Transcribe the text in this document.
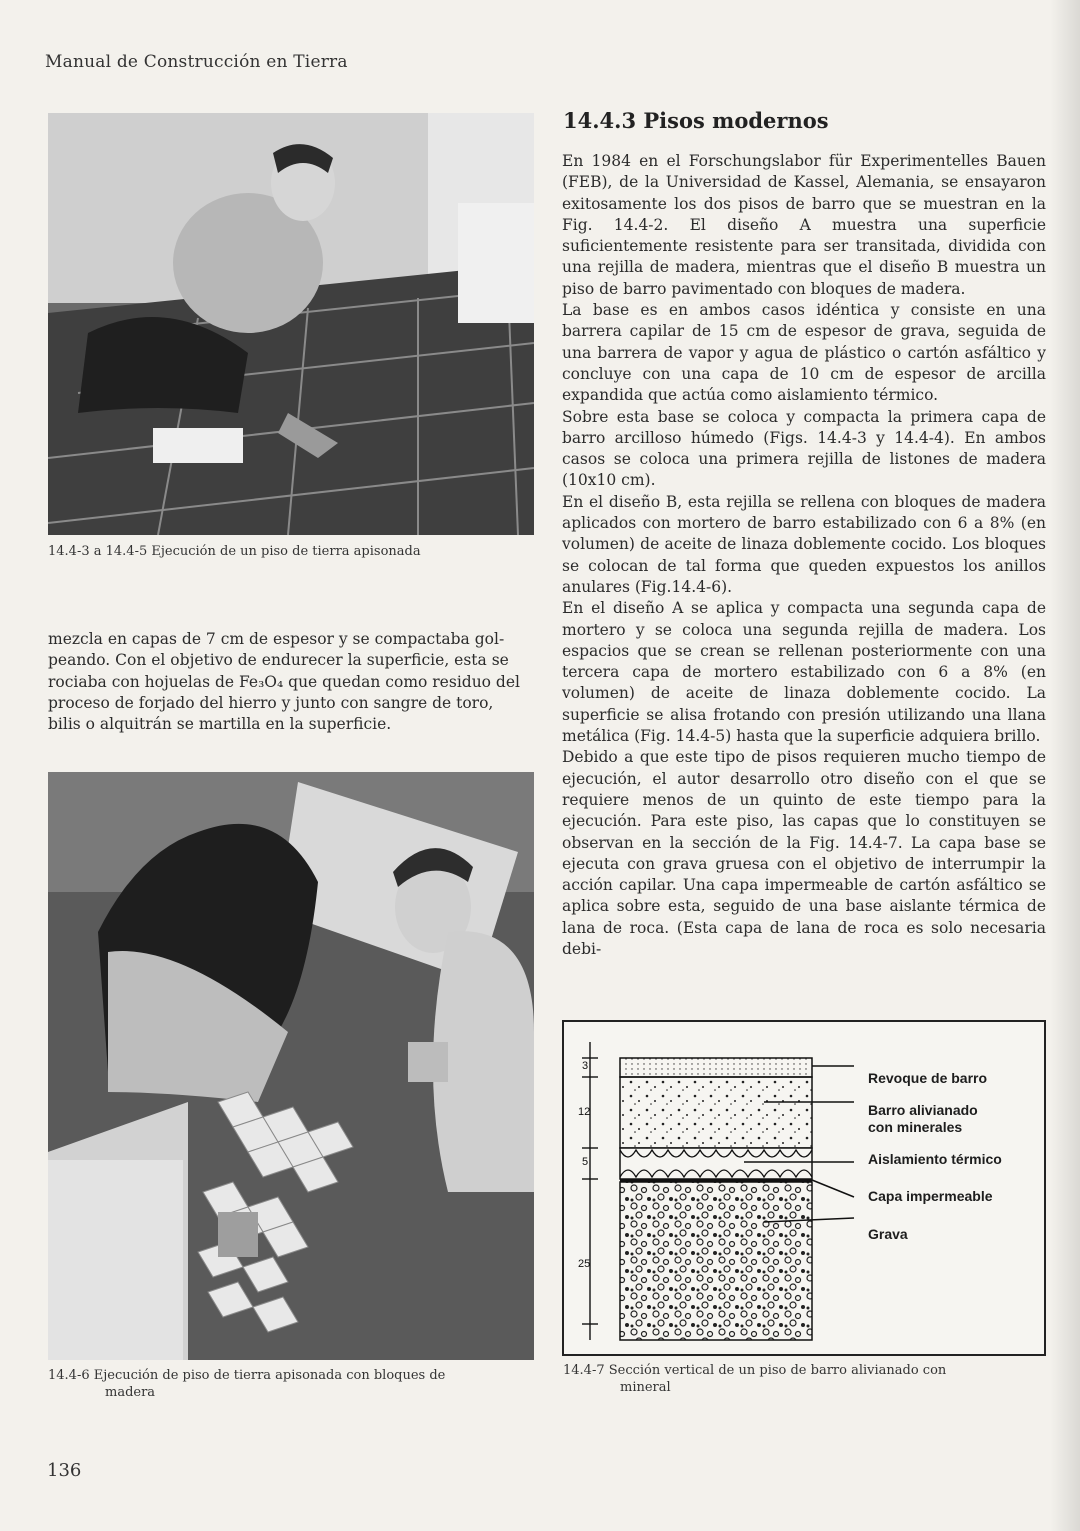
Manual de Construcción en Tierra
14.4-3 a 14.4-5 Ejecución de un piso de tierra apisonada
mezcla en capas de 7 cm de espesor y se compactaba gol-
peando. Con el objetivo de endurecer la superficie, esta se
rociaba con hojuelas de Fe₃O₄ que quedan como residuo del
proceso de forjado del hierro y junto con sangre de toro,
bilis o alquitrán se martilla en la superficie.
14.4-6 Ejecución de piso de tierra apisonada con bloques de
madera
14.4.3 Pisos modernos

En 1984 en el Forschungslabor für Experimentelles Bauen (FEB), de la Universidad de Kassel, Alemania, se ensayaron exitosamente los dos pisos de barro que se muestran en la Fig. 14.4-2. El diseño A muestra una superficie suficientemente resistente para ser transitada, dividida con una rejilla de madera, mientras que el diseño B muestra un piso de barro pavimentado con bloques de madera.

La base es en ambos casos idéntica y consiste en una barrera capilar de 15 cm de espesor de grava, seguida de una barrera de vapor y agua de plástico o cartón asfáltico y concluye con una capa de 10 cm de espesor de arcilla expandida que actúa como aislamiento térmico.

Sobre esta base se coloca y compacta la primera capa de barro arcilloso húmedo (Figs. 14.4-3 y 14.4-4). En ambos casos se coloca una primera rejilla de listones de madera (10x10 cm).

En el diseño B, esta rejilla se rellena con bloques de madera aplicados con mortero de barro estabilizado con 6 a 8% (en volumen) de aceite de linaza doblemente cocido. Los bloques se colocan de tal forma que queden expuestos los anillos anulares (Fig.14.4-6).

En el diseño A se aplica y compacta una segunda capa de mortero y se coloca una segunda rejilla de madera. Los espacios que se crean se rellenan posteriormente con una tercera capa de mortero estabilizado con 6 a 8% (en volumen) de aceite de linaza doblemente cocido. La superficie se alisa frotando con presión utilizando una llana metálica (Fig. 14.4-5) hasta que la superficie adquiera brillo.

Debido a que este tipo de pisos requieren mucho tiempo de ejecución, el autor desarrollo otro diseño con el que se requiere menos de un quinto de este tiempo para la ejecución. Para este piso, las capas que lo constituyen se observan en la sección de la Fig. 14.4-7. La capa base se ejecuta con grava gruesa con el objetivo de interrumpir la acción capilar. Una capa impermeable de cartón asfáltico se aplica sobre esta, seguido de una base aislante térmica de lana de roca. (Esta capa de lana de roca es solo necesaria debi-

3
12
5
25
Revoque de barro
Barro alivianado
con minerales
Aislamiento térmico
Capa impermeable
Grava
14.4-7 Sección vertical de un piso de barro alivianado con
mineral
136
